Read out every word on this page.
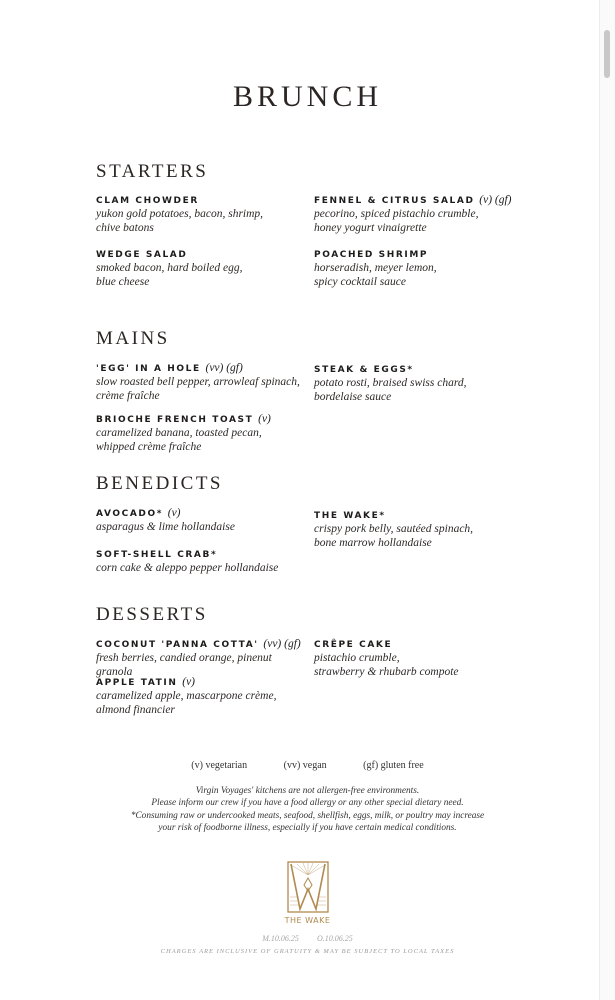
BRUNCH
STARTERS
CLAM CHOWDER
yukon gold potatoes, bacon, shrimp,
chive batons
FENNEL & CITRUS SALAD (v) (gf)
pecorino, spiced pistachio crumble,
honey yogurt vinaigrette
WEDGE SALAD
smoked bacon, hard boiled egg,
blue cheese
POACHED SHRIMP
horseradish, meyer lemon,
spicy cocktail sauce
MAINS
'EGG' IN A HOLE (vv) (gf)
slow roasted bell pepper, arrowleaf spinach,
crème fraîche
STEAK & EGGS*
potato rosti, braised swiss chard,
bordelaise sauce
BRIOCHE FRENCH TOAST (v)
caramelized banana, toasted pecan,
whipped crème fraîche
BENEDICTS
AVOCADO* (v)
asparagus & lime hollandaise
THE WAKE*
crispy pork belly, sautéed spinach,
bone marrow hollandaise
SOFT-SHELL CRAB*
corn cake & aleppo pepper hollandaise
DESSERTS
COCONUT 'PANNA COTTA' (vv) (gf)
fresh berries, candied orange, pinenut granola
CRÊPE CAKE
pistachio crumble,
strawberry & rhubarb compote
APPLE TATIN (v)
caramelized apple, mascarpone crème,
almond financier
(v) vegetarian	(vv) vegan	(gf) gluten free
Virgin Voyages' kitchens are not allergen-free environments.
Please inform our crew if you have a food allergy or any other special dietary need.
*Consuming raw or undercooked meats, seafood, shellfish, eggs, milk, or poultry may increase
your risk of foodborne illness, especially if you have certain medical conditions.
THE WAKE
M.10.06.25 O.10.06.25
CHARGES ARE INCLUSIVE OF GRATUITY & MAY BE SUBJECT TO LOCAL TAXES
